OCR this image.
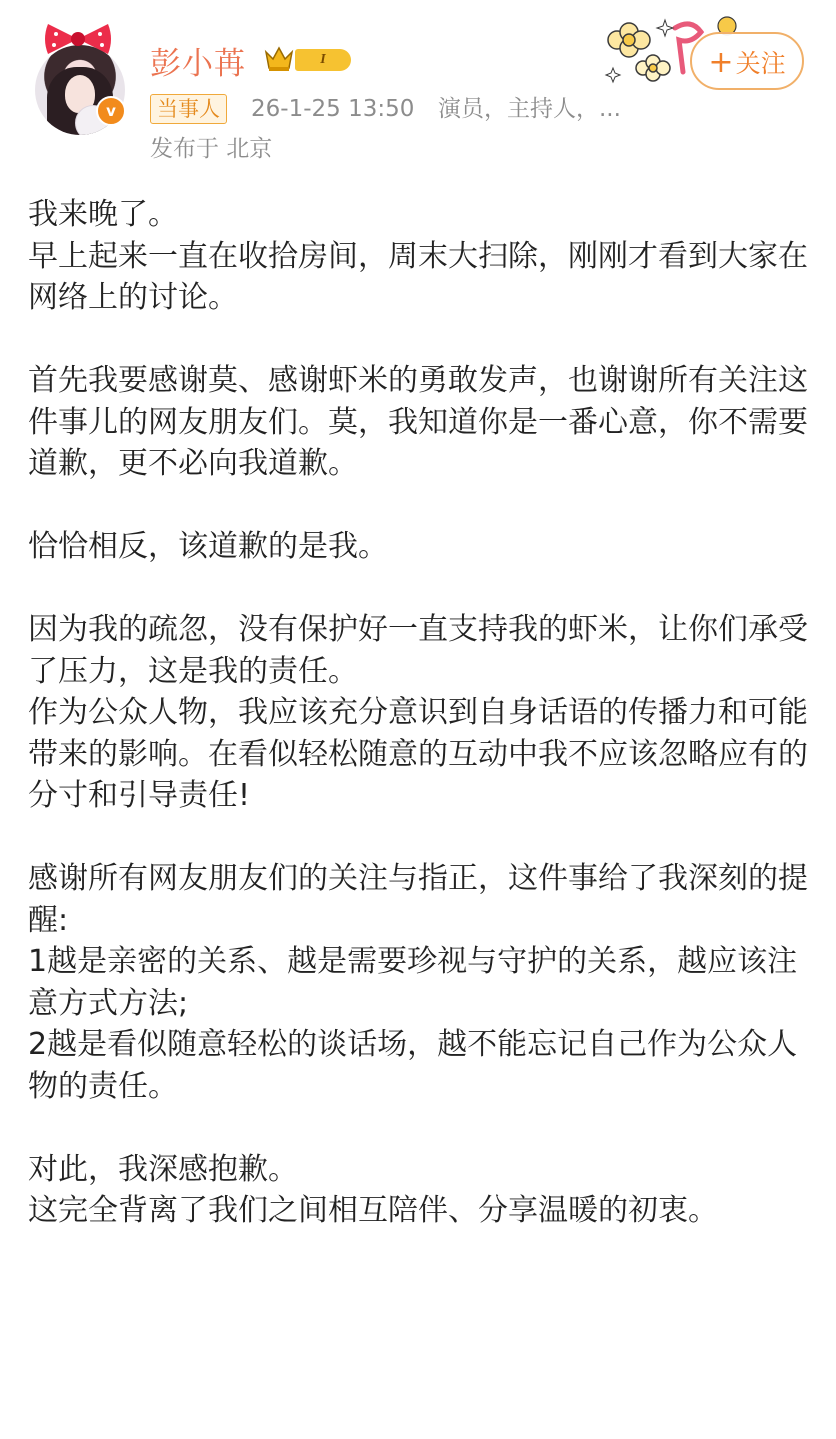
v
彭小苒	I
当事人	26-1-25 13:50 演员，主持人，...
发布于 北京
+关注

我来晚了。

早上起来一直在收拾房间，周末大扫除，刚刚才看到大家在网络上的讨论。

首先我要感谢莫、感谢虾米的勇敢发声，也谢谢所有关注这件事儿的网友朋友们。莫，我知道你是一番心意，你不需要道歉，更不必向我道歉。

恰恰相反，该道歉的是我。

因为我的疏忽，没有保护好一直支持我的虾米，让你们承受了压力，这是我的责任。

作为公众人物，我应该充分意识到自身话语的传播力和可能带来的影响。在看似轻松随意的互动中我不应该忽略应有的分寸和引导责任!

感谢所有网友朋友们的关注与指正，这件事给了我深刻的提醒:

1越是亲密的关系、越是需要珍视与守护的关系，越应该注意方式方法;

2越是看似随意轻松的谈话场，越不能忘记自己作为公众人物的责任。

对此，我深感抱歉。

这完全背离了我们之间相互陪伴、分享温暖的初衷。
